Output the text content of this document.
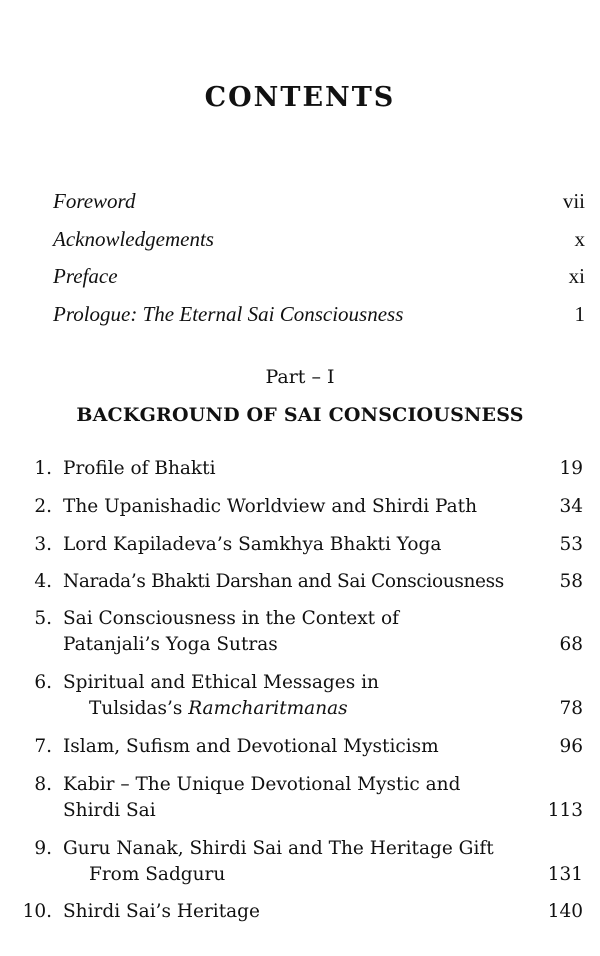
CONTENTS
Foreword	vii
Acknowledgements	x
Preface	xi
Prologue: The Eternal Sai Consciousness	1
Part – I
BACKGROUND OF SAI CONSCIOUSNESS
1. Profile of Bhakti	19
2. The Upanishadic Worldview and Shirdi Path	34
3. Lord Kapiladeva’s Samkhya Bhakti Yoga	53
4. Narada’s Bhakti Darshan and Sai Consciousness	58
5. Sai Consciousness in the Context of
Patanjali’s Yoga Sutras	68
6. Spiritual and Ethical Messages in
Tulsidas’s Ramcharitmanas	78
7. Islam, Sufism and Devotional Mysticism	96
8. Kabir – The Unique Devotional Mystic and
Shirdi Sai	113
9. Guru Nanak, Shirdi Sai and The Heritage Gift
From Sadguru	131
10. Shirdi Sai’s Heritage	140
